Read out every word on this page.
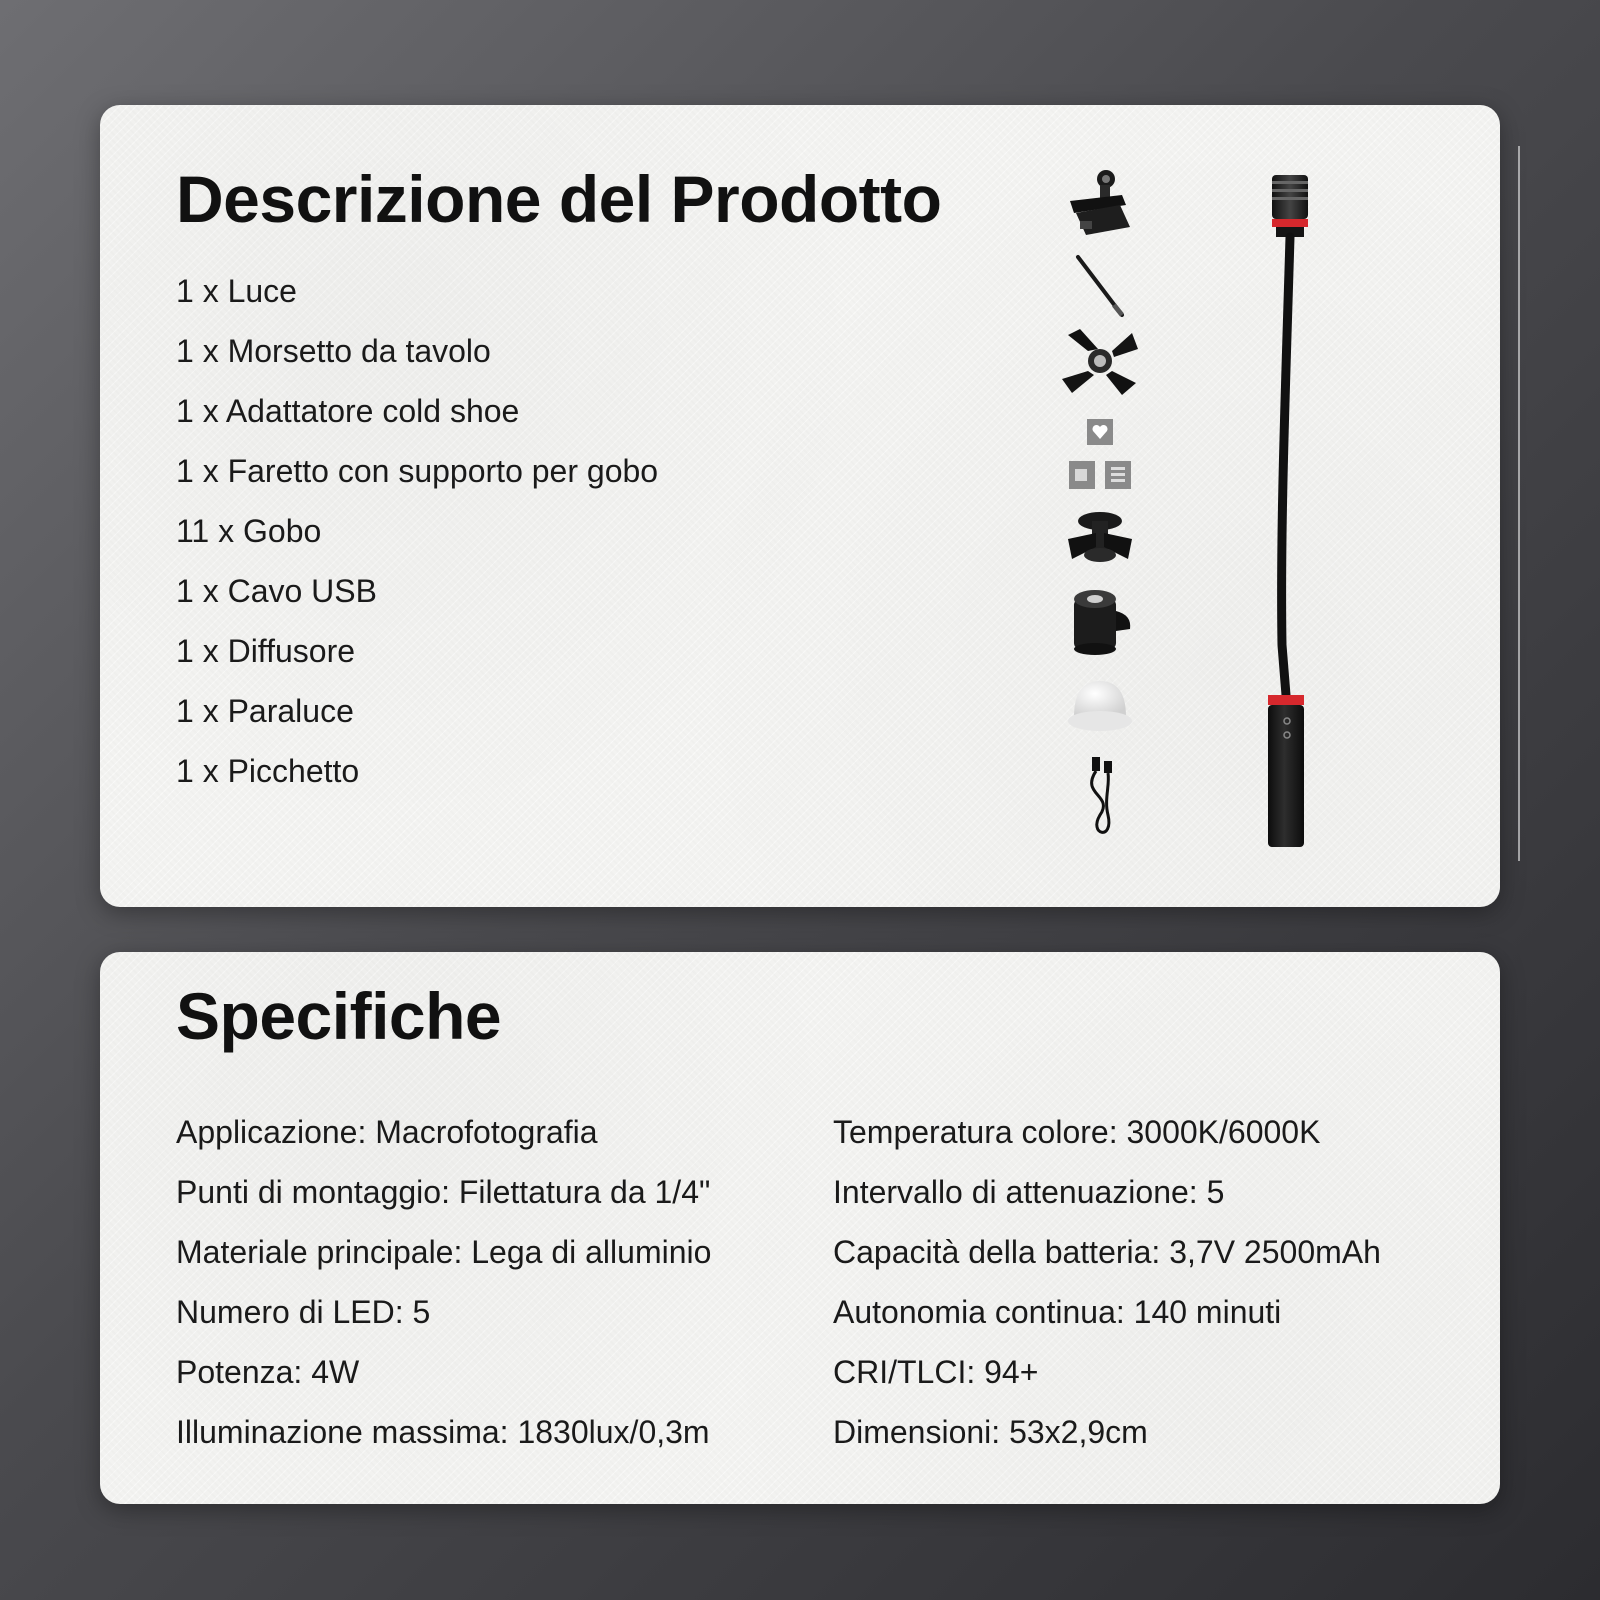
Descrizione del Prodotto
1 x Luce
1 x Morsetto da tavolo
1 x Adattatore cold shoe
1 x Faretto con supporto per gobo
11 x Gobo
1 x Cavo USB
1 x Diffusore
1 x Paraluce
1 x Picchetto
Specifiche
Applicazione: Macrofotografia
Punti di montaggio: Filettatura da 1/4"
Materiale principale: Lega di alluminio
Numero di LED: 5
Potenza: 4W
Illuminazione massima: 1830lux/0,3m
Temperatura colore: 3000K/6000K
Intervallo di attenuazione: 5
Capacità della batteria: 3,7V 2500mAh
Autonomia continua: 140 minuti
CRI/TLCI: 94+
Dimensioni: 53x2,9cm
